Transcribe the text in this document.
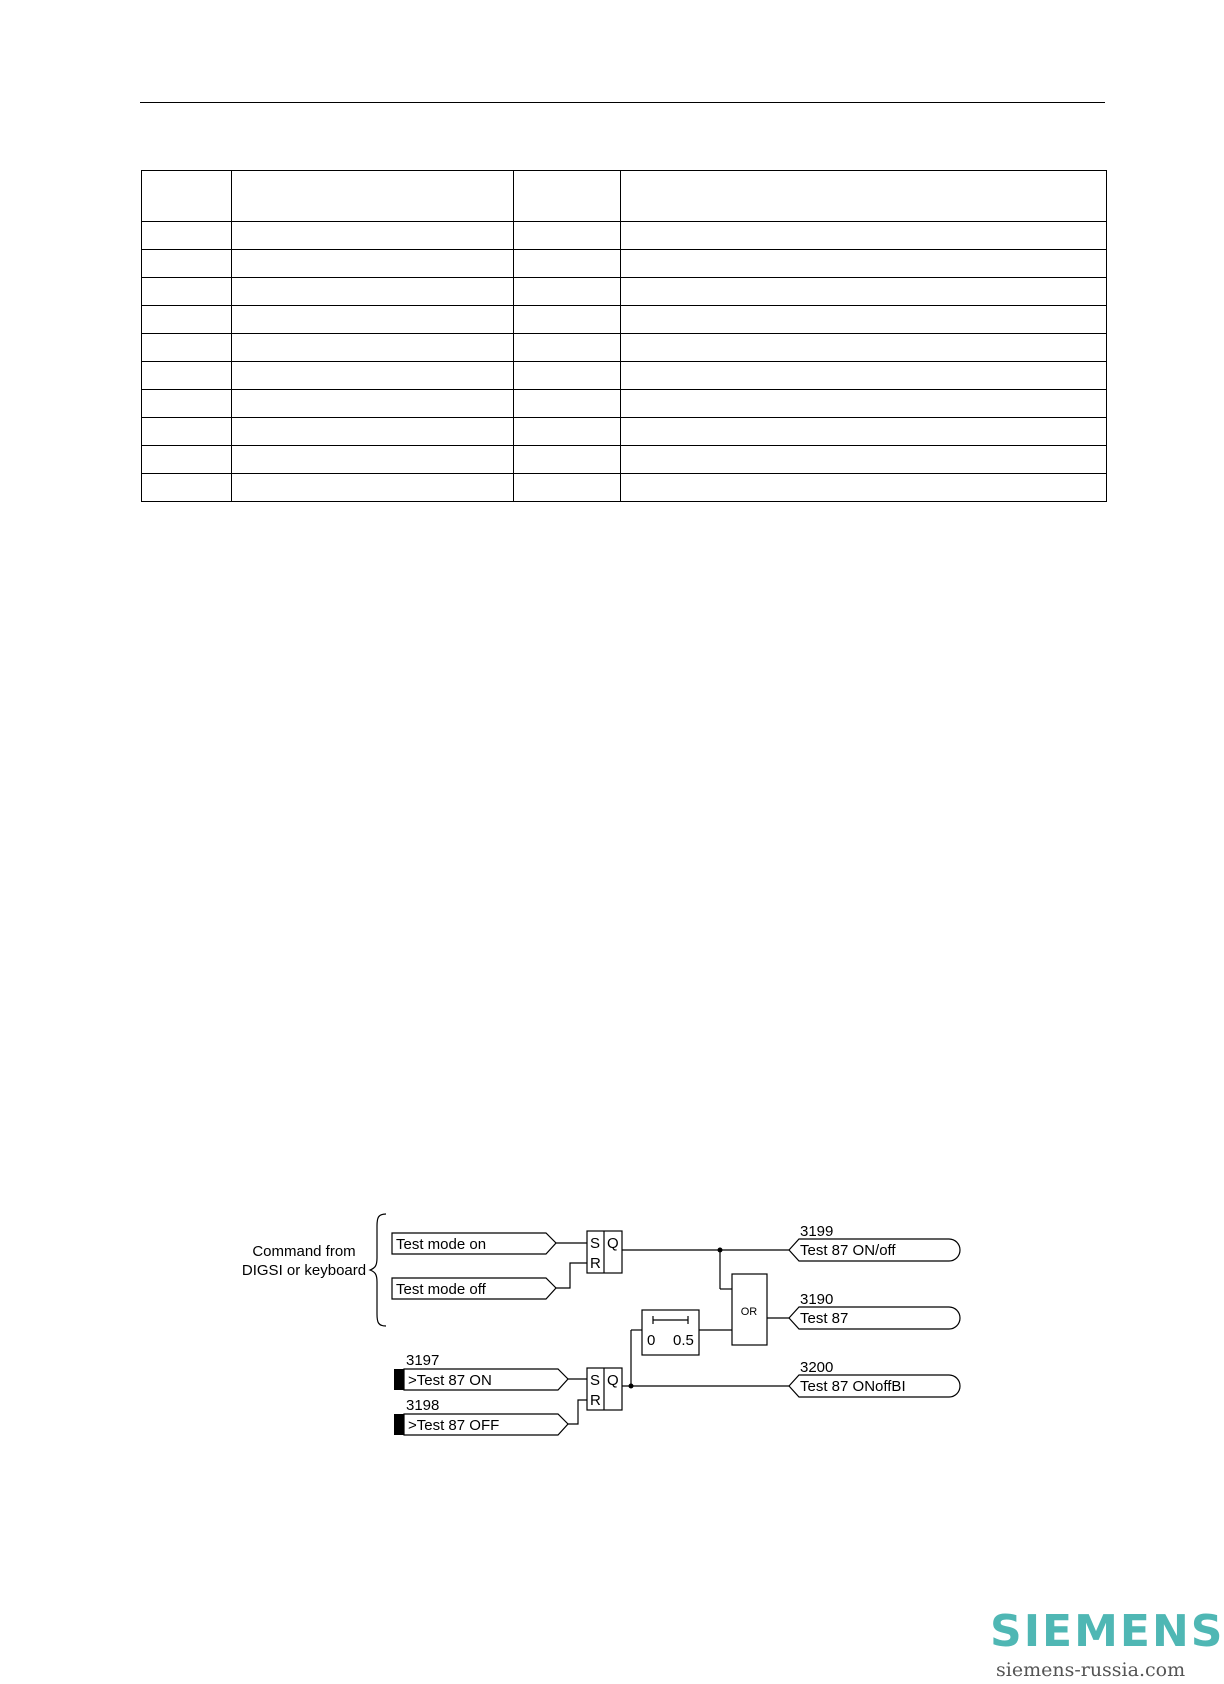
Command from
DIGSI or keyboard
Test mode on
Test mode off
3197
>Test 87 ON
3198
>Test 87 OFF
S
R
Q
S
R
Q
0 0.5
3199
Test 87 ON/off
3190
Test 87
3200
Test 87 ONoffBI
OR
SIEMENS
siemens-russia.com
